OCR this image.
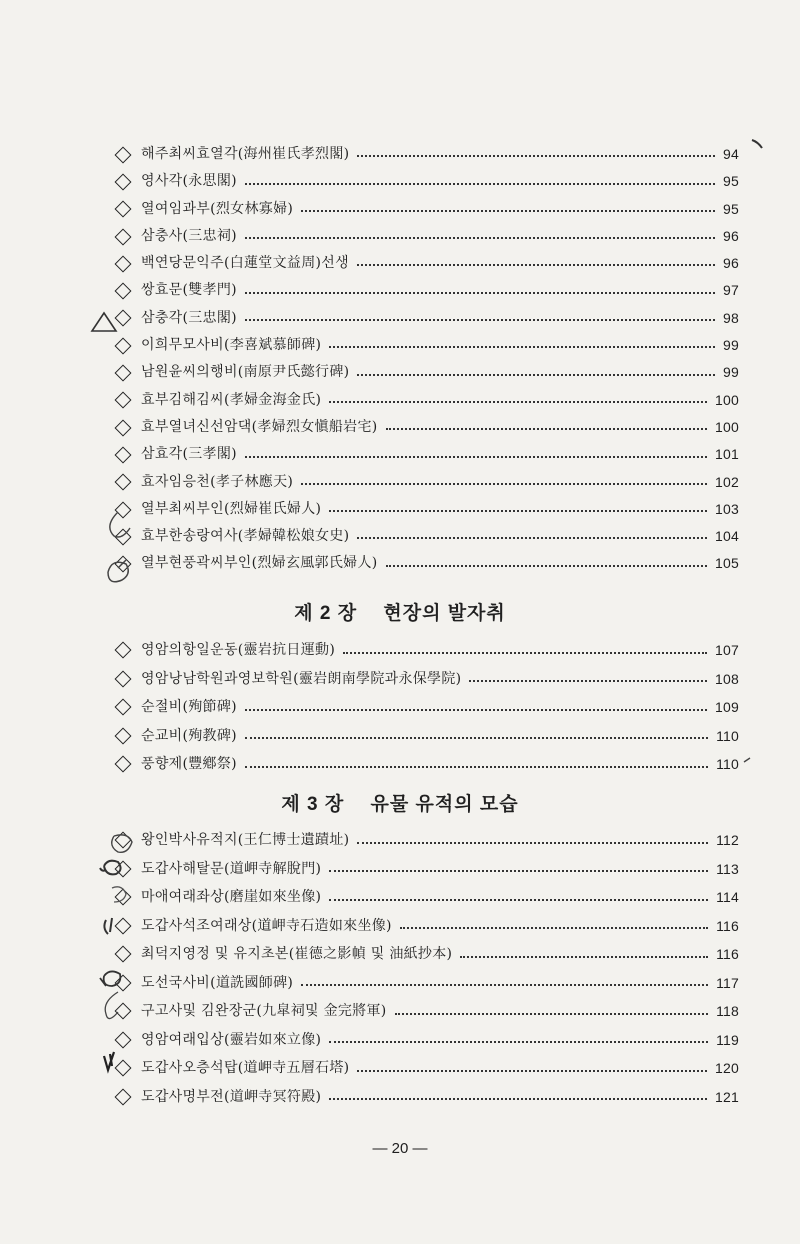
해주최씨효열각(海州崔氏孝烈閣)	94
영사각(永思閣)	95
열여임과부(烈女林寡婦)	95
삼충사(三忠祠)	96
백연당문익주(白蓮堂文益周)선생	96
쌍효문(雙孝門)	97
삼충각(三忠閣)	98
이희무모사비(李喜斌慕師碑)	99
남원윤씨의행비(南原尹氏懿行碑)	99
효부김해김씨(孝婦金海金氏)	100
효부열녀신선암댁(孝婦烈女愼船岩宅)	100
삼효각(三孝閣)	101
효자임응천(孝子林應天)	102
열부최씨부인(烈婦崔氏婦人)	103
효부한송랑여사(孝婦韓松娘女史)	104
열부현풍곽씨부인(烈婦玄風郭氏婦人)	105
제 2 장 현장의 발자취
영암의항일운동(靈岩抗日運動)	107
영암낭남학원과영보학원(靈岩朗南學院과永保學院)	108
순절비(殉節碑)	109
순교비(殉教碑)	110
풍향제(豐鄕祭)	110
제 3 장 유물 유적의 모습
왕인박사유적지(王仁博士遺蹟址)	112
도갑사해탈문(道岬寺解脫門)	113
마애여래좌상(磨崖如來坐像)	114
도갑사석조여래상(道岬寺石造如來坐像)	116
최덕지영정 및 유지초본(崔德之影幀 및 油紙抄本)	116
도선국사비(道詵國師碑)	117
구고사및 김완장군(九皐祠및 金完將軍)	118
영암여래입상(靈岩如來立像)	119
도갑사오층석탑(道岬寺五層石塔)	120
도갑사명부전(道岬寺冥符殿)	121
— 20 —
